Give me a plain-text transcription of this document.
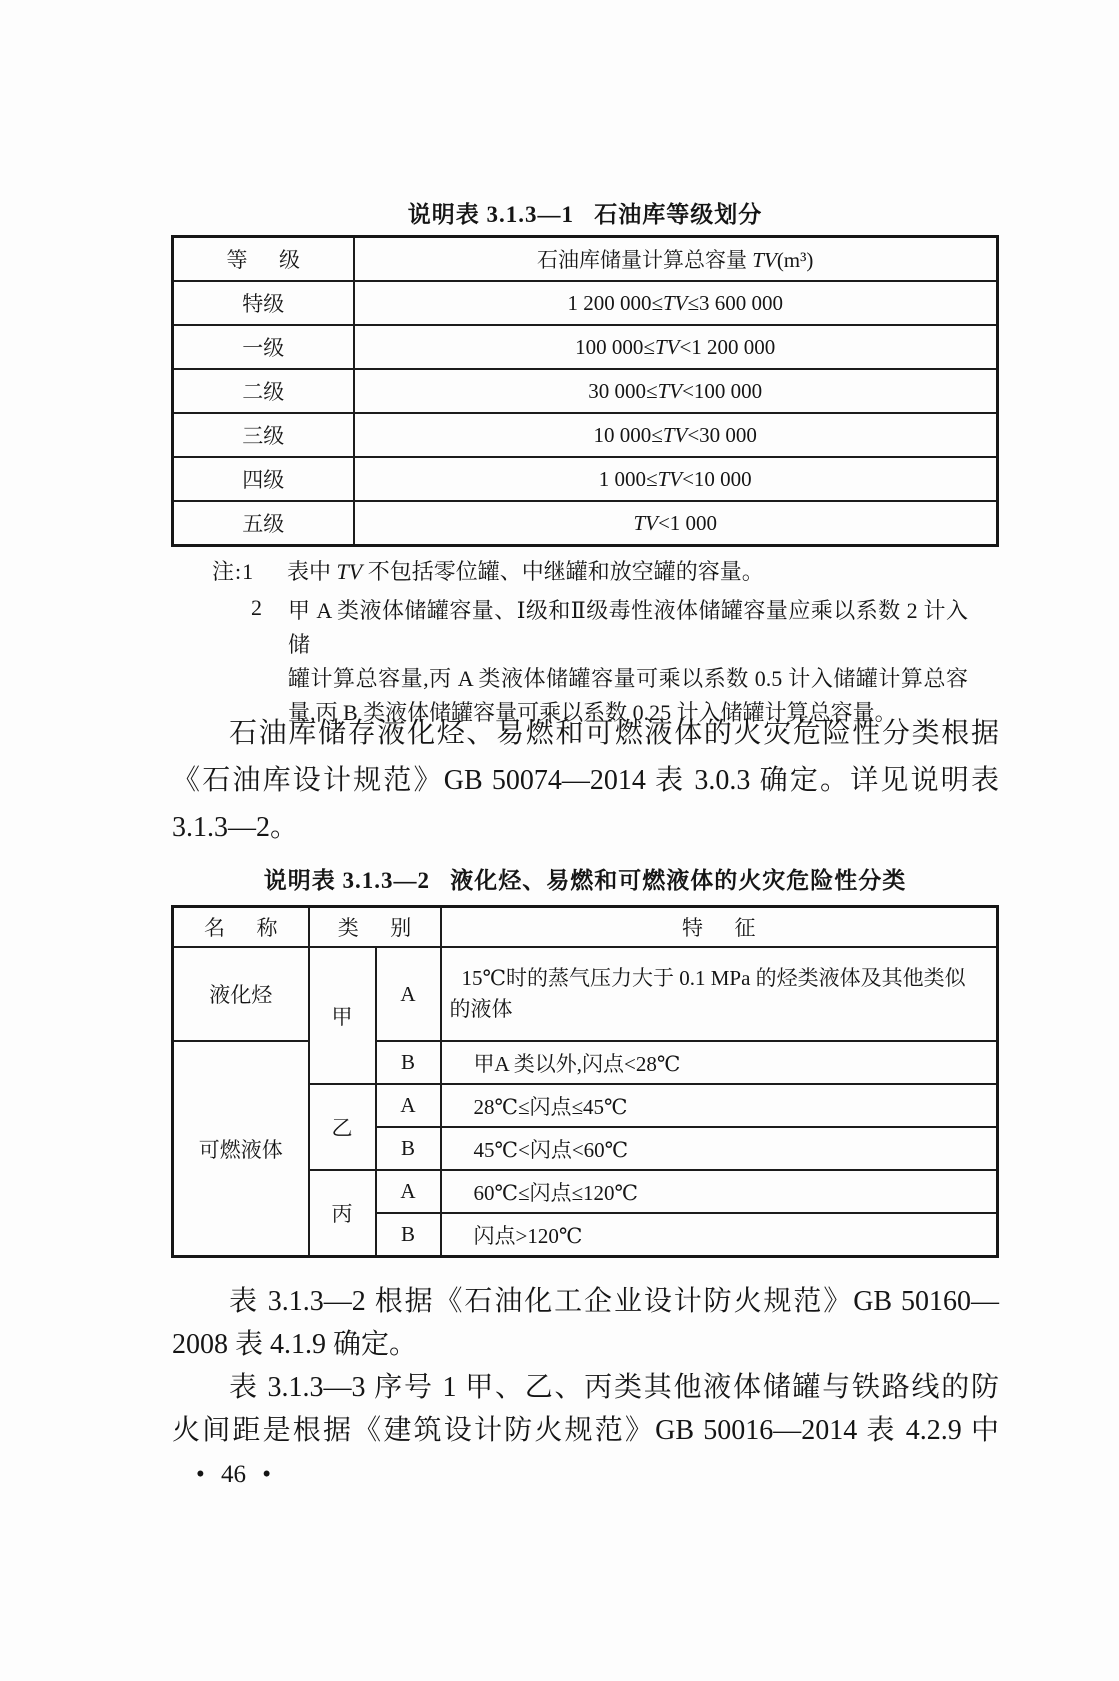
说明表 3.1.3—1   石油库等级划分
等      级	石油库储量计算总容量 TV(m³)
特级	1 200 000≤TV≤3 600 000
一级	100 000≤TV<1 200 000
二级	30 000≤TV<100 000
三级	10 000≤TV<30 000
四级	1 000≤TV<10 000
五级	TV<1 000
注:1	表中 TV 不包括零位罐、中继罐和放空罐的容量。
2	甲 A 类液体储罐容量、Ⅰ级和Ⅱ级毒性液体储罐容量应乘以系数 2 计入储
罐计算总容量,丙 A 类液体储罐容量可乘以系数 0.5 计入储罐计算总容
量,丙 B 类液体储罐容量可乘以系数 0.25 计入储罐计算总容量。
石油库储存液化烃、易燃和可燃液体的火灾危险性分类根据
《石油库设计规范》GB 50074—2014 表 3.0.3 确定。详见说明表
3.1.3—2。
说明表 3.1.3—2   液化烃、易燃和可燃液体的火灾危险性分类
名      称	类      别		特      征
液化烃	甲	A	15℃时的蒸气压力大于 0.1 MPa 的烃类液体及其他类似的液体
可燃液体		B	甲A 类以外,闪点<28℃
	乙	A	28℃≤闪点≤45℃
		B	45℃<闪点<60℃
	丙	A	60℃≤闪点≤120℃
		B	闪点>120℃
表 3.1.3—2 根据《石油化工企业设计防火规范》GB 50160—
2008 表 4.1.9 确定。
表 3.1.3—3 序号 1 甲、乙、丙类其他液体储罐与铁路线的防
火间距是根据《建筑设计防火规范》GB 50016—2014 表 4.2.9 中
• 46 •
